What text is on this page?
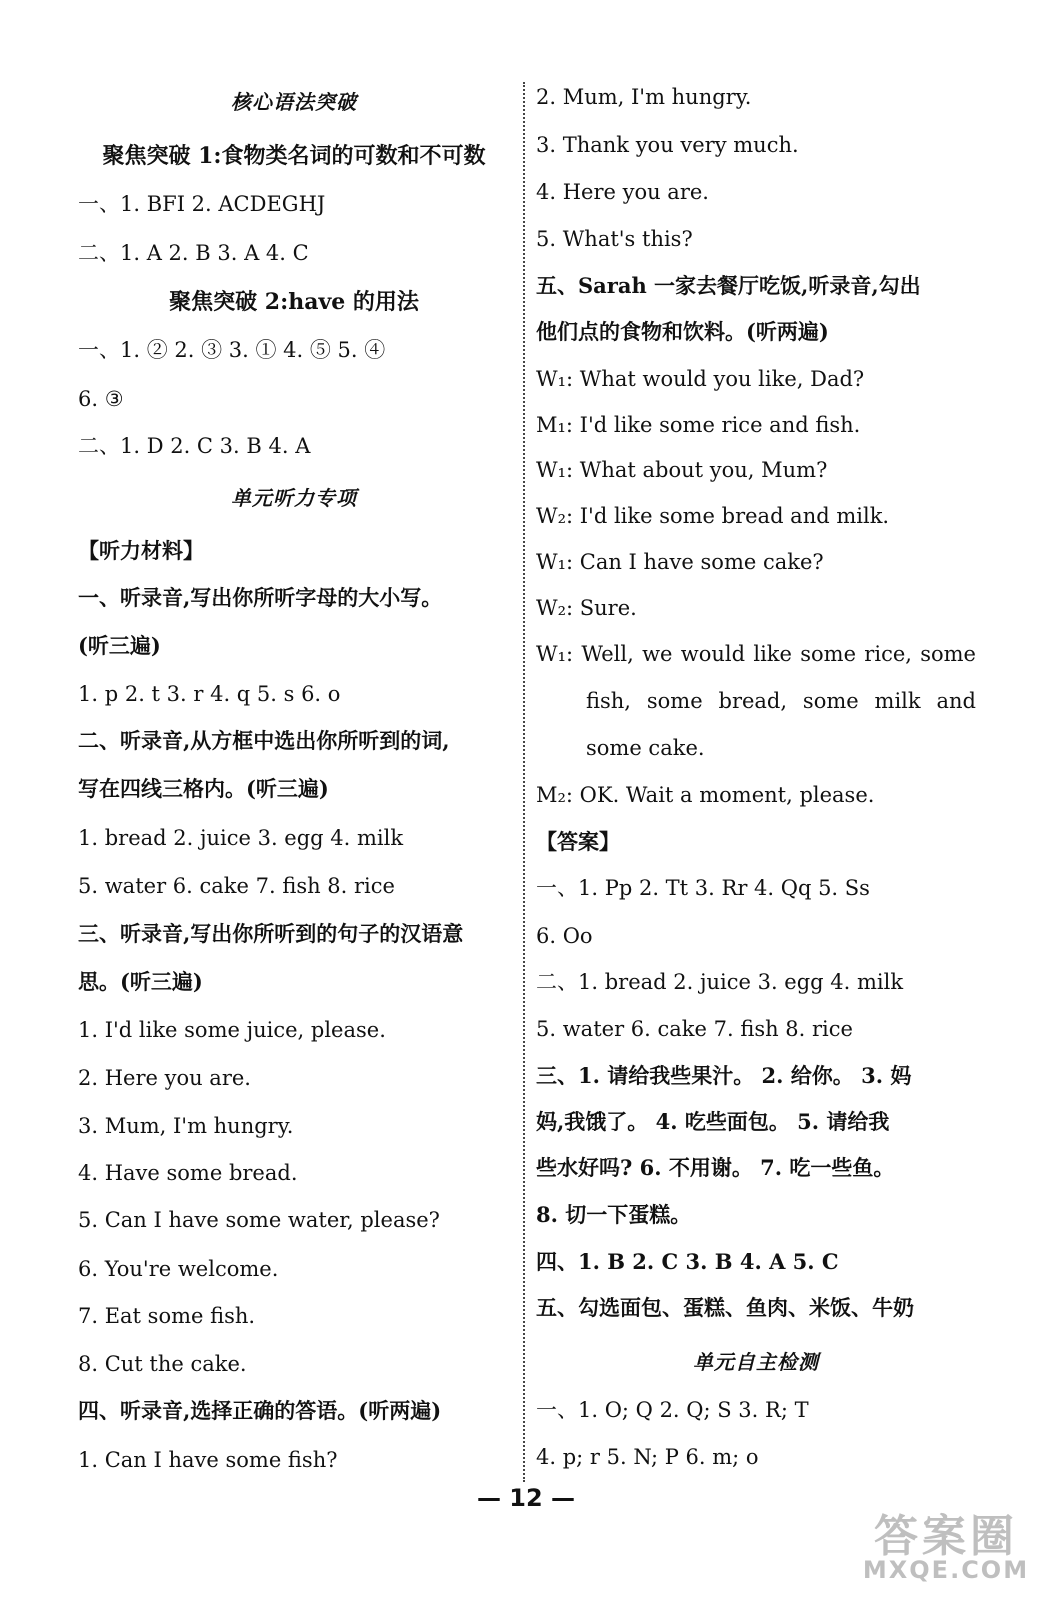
核心语法突破
聚焦突破 1:食物类名词的可数和不可数
一、1. BFI 2. ACDEGHJ
二、1. A 2. B 3. A 4. C
聚焦突破 2:have 的用法
一、1. ② 2. ③ 3. ① 4. ⑤ 5. ④
6. ③
二、1. D 2. C 3. B 4. A
单元听力专项
【听力材料】
一、听录音,写出你所听字母的大小写。
(听三遍)
1. p 2. t 3. r 4. q 5. s 6. o
二、听录音,从方框中选出你所听到的词,
写在四线三格内。(听三遍)
1. bread 2. juice 3. egg 4. milk
5. water 6. cake 7. fish 8. rice
三、听录音,写出你所听到的句子的汉语意
思。(听三遍)
1. I'd like some juice, please.
2. Here you are.
3. Mum, I'm hungry.
4. Have some bread.
5. Can I have some water, please?
6. You're welcome.
7. Eat some fish.
8. Cut the cake.
四、听录音,选择正确的答语。(听两遍)
1. Can I have some fish?
2. Mum, I'm hungry.
3. Thank you very much.
4. Here you are.
5. What's this?
五、Sarah 一家去餐厅吃饭,听录音,勾出
他们点的食物和饮料。(听两遍)
W₁: What would you like, Dad?
M₁: I'd like some rice and fish.
W₁: What about you, Mum?
W₂: I'd like some bread and milk.
W₁: Can I have some cake?
W₂: Sure.
W₁: Well, we would like some rice, some
fish, some bread, some milk and
some cake.
M₂: OK. Wait a moment, please.
【答案】
一、1. Pp 2. Tt 3. Rr 4. Qq 5. Ss
6. Oo
二、1. bread 2. juice 3. egg 4. milk
5. water 6. cake 7. fish 8. rice
三、1. 请给我些果汁。 2. 给你。 3. 妈
妈,我饿了。 4. 吃些面包。 5. 请给我
些水好吗? 6. 不用谢。 7. 吃一些鱼。
8. 切一下蛋糕。
四、1. B 2. C 3. B 4. A 5. C
五、勾选面包、蛋糕、鱼肉、米饭、牛奶
单元自主检测
一、1. O; Q 2. Q; S 3. R; T
4. p; r 5. N; P 6. m; o
— 12 —
答案圈
MXQE.COM
